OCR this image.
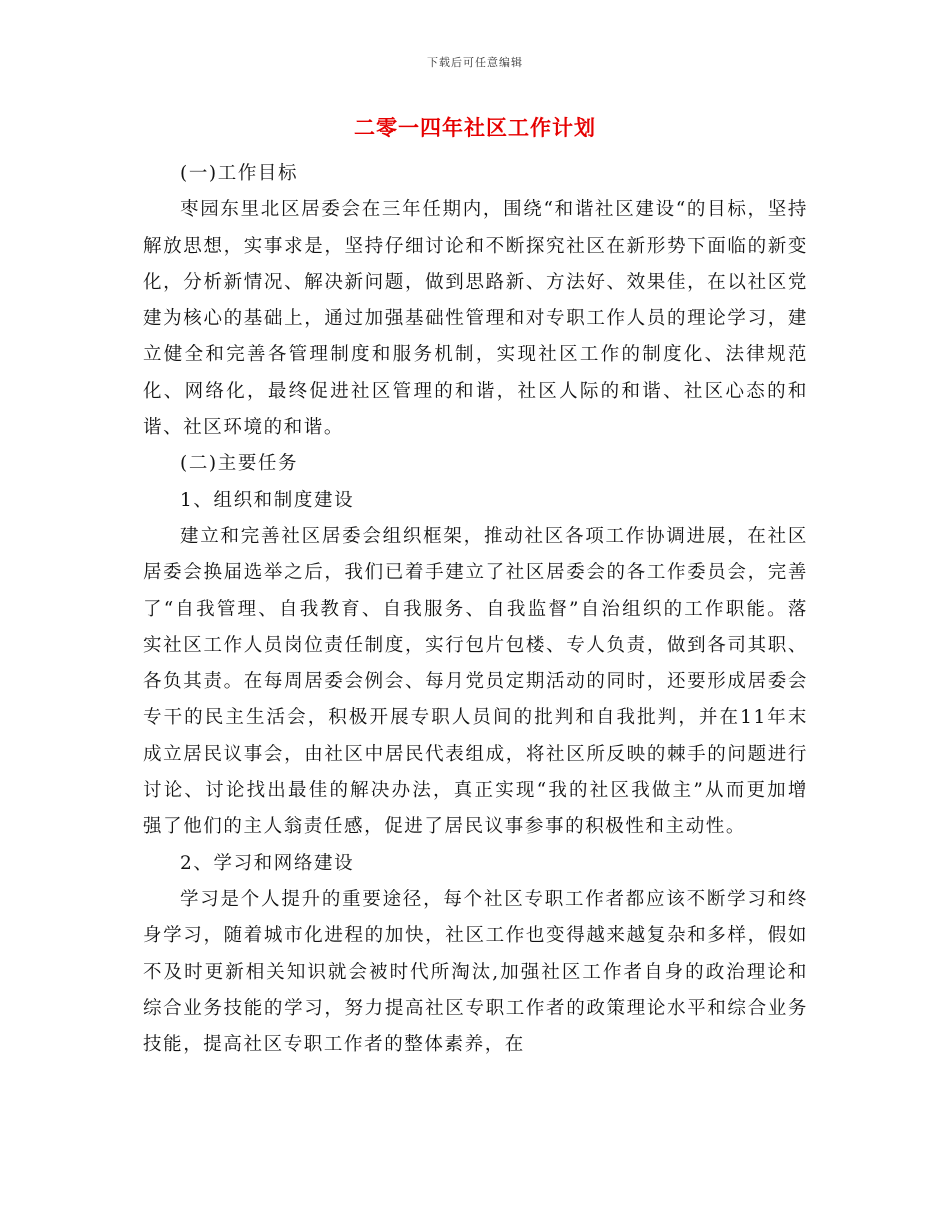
下载后可任意编辑
二零一四年社区工作计划

(一)工作目标

枣园东里北区居委会在三年任期内，围绕“和谐社区建设“的目标，坚持解放思想，实事求是，坚持仔细讨论和不断探究社区在新形势下面临的新变化，分析新情况、解决新问题，做到思路新、方法好、效果佳，在以社区党建为核心的基础上，通过加强基础性管理和对专职工作人员的理论学习，建立健全和完善各管理制度和服务机制，实现社区工作的制度化、法律规范化、网络化，最终促进社区管理的和谐，社区人际的和谐、社区心态的和谐、社区环境的和谐。

(二)主要任务

1、组织和制度建设

建立和完善社区居委会组织框架，推动社区各项工作协调进展，在社区居委会换届选举之后，我们已着手建立了社区居委会的各工作委员会，完善了“自我管理、自我教育、自我服务、自我监督”自治组织的工作职能。落实社区工作人员岗位责任制度，实行包片包楼、专人负责，做到各司其职、各负其责。在每周居委会例会、每月党员定期活动的同时，还要形成居委会专干的民主生活会，积极开展专职人员间的批判和自我批判，并在11年末成立居民议事会，由社区中居民代表组成，将社区所反映的棘手的问题进行讨论、讨论找出最佳的解决办法，真正实现“我的社区我做主”从而更加增强了他们的主人翁责任感，促进了居民议事参事的积极性和主动性。

2、学习和网络建设

学习是个人提升的重要途径，每个社区专职工作者都应该不断学习和终身学习，随着城市化进程的加快，社区工作也变得越来越复杂和多样，假如不及时更新相关知识就会被时代所淘汰,加强社区工作者自身的政治理论和综合业务技能的学习，努力提高社区专职工作者的政策理论水平和综合业务技能，提高社区专职工作者的整体素养，在
